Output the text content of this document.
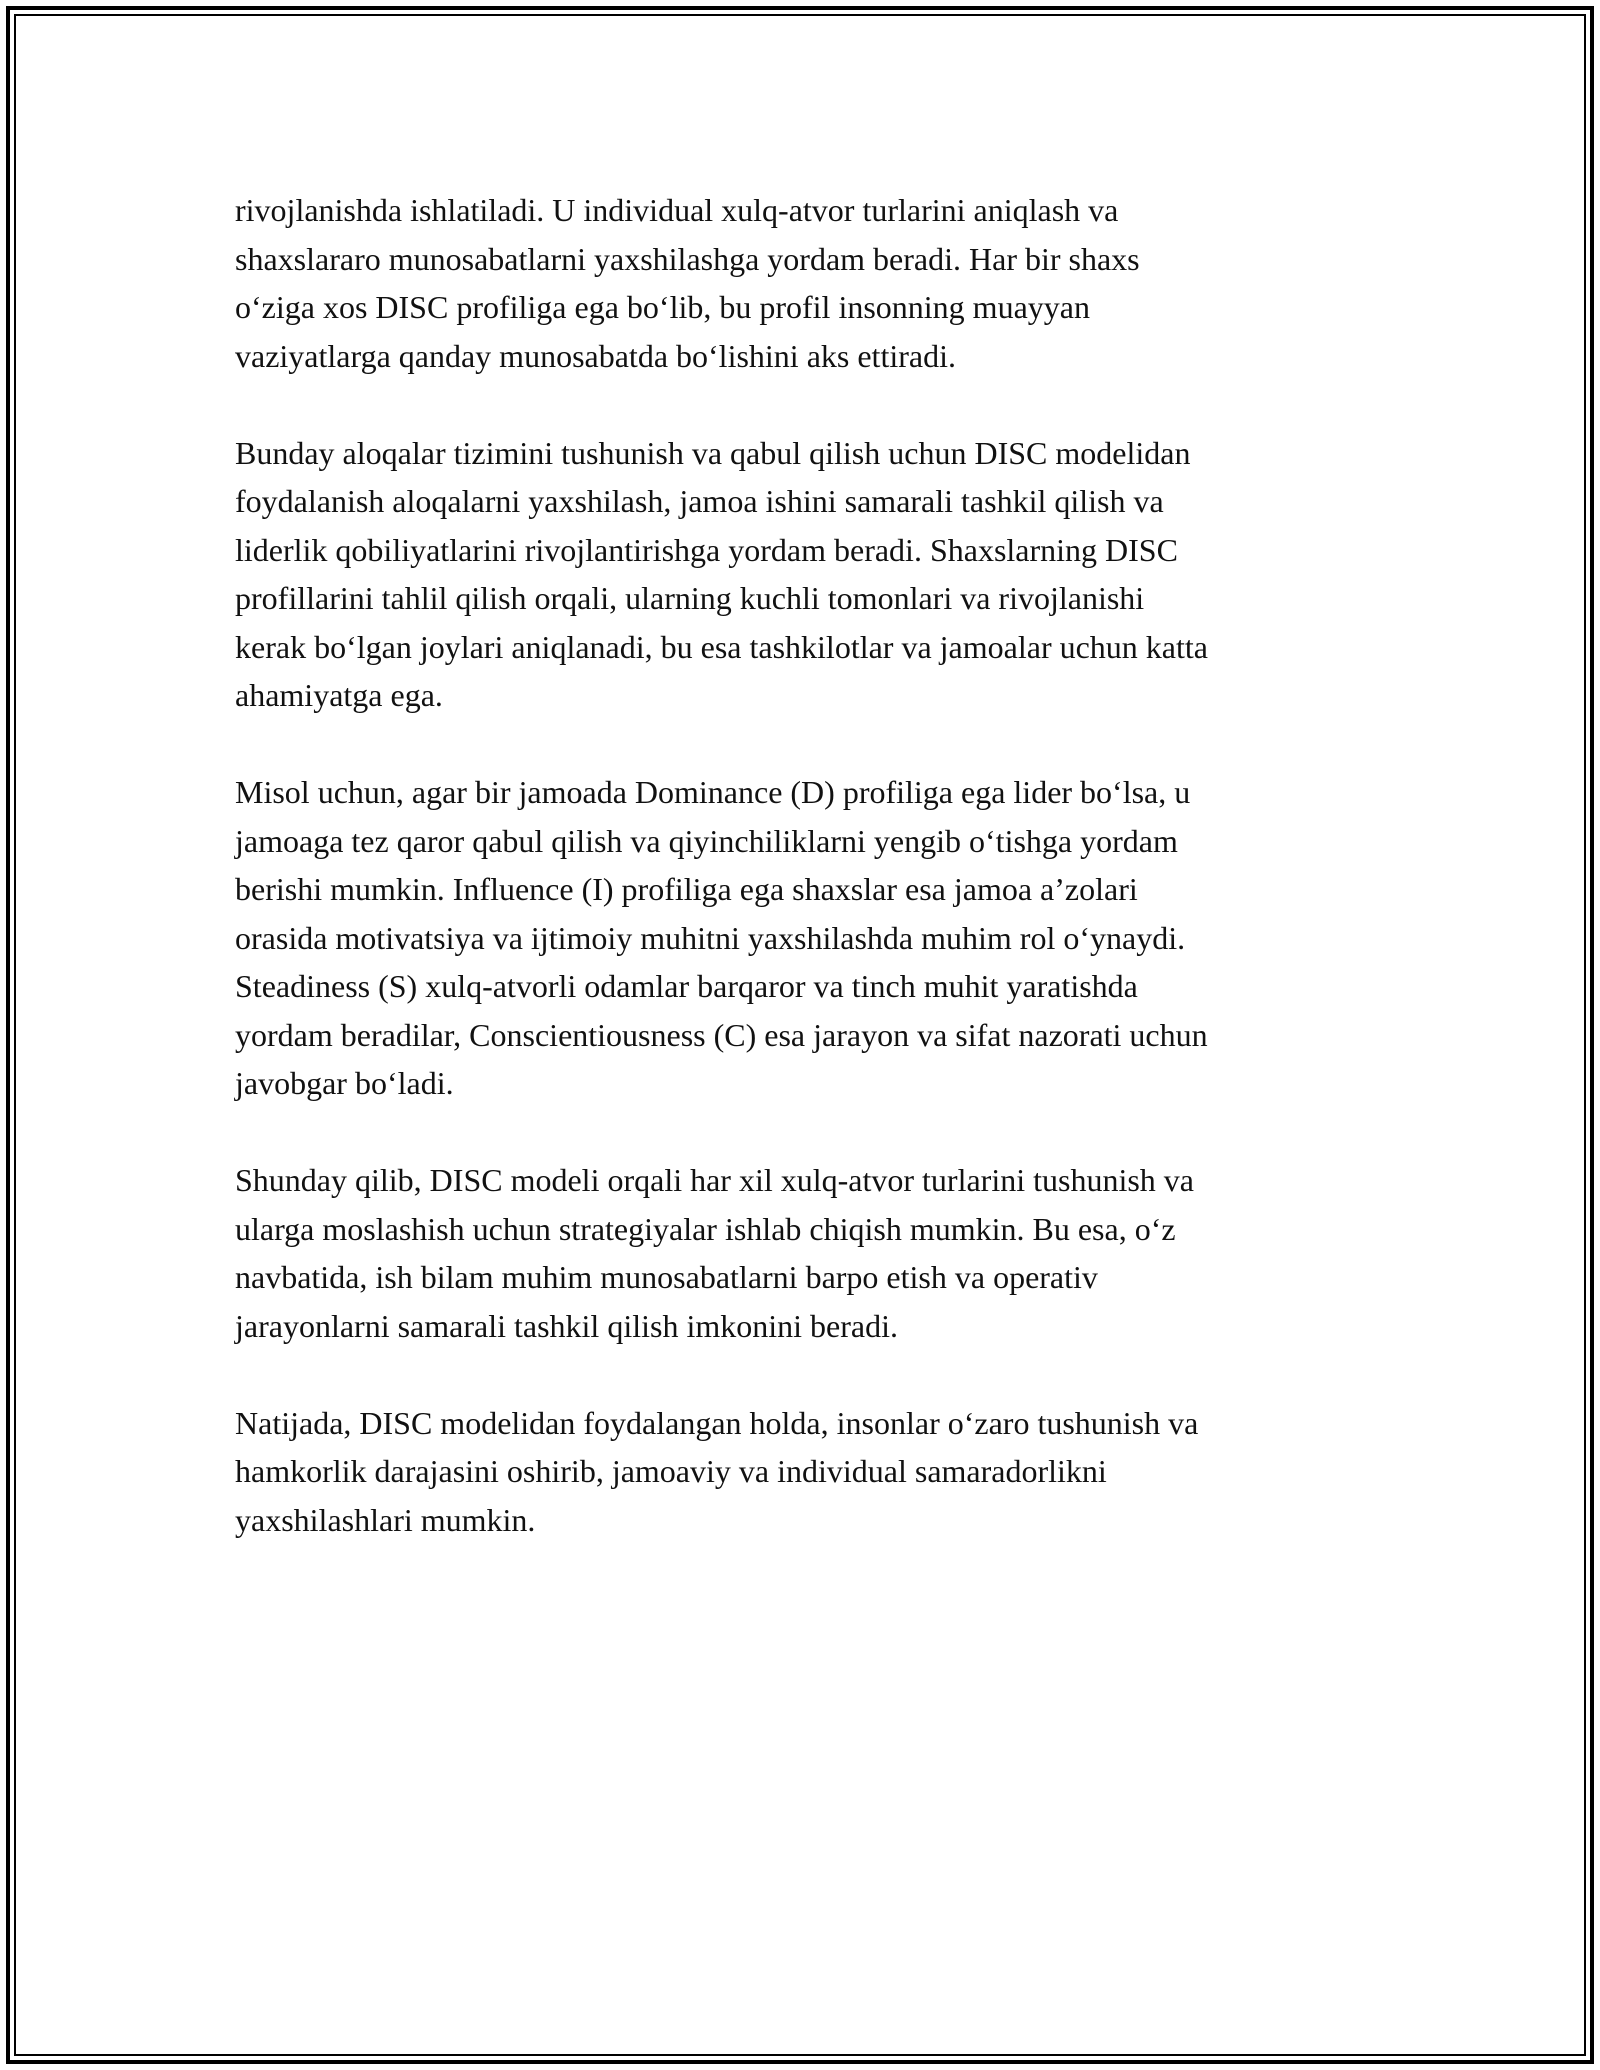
rivojlanishda ishlatiladi. U individual xulq-atvor turlarini aniqlash va
shaxslararo munosabatlarni yaxshilashga yordam beradi. Har bir shaxs
o‘ziga xos DISC profiliga ega bo‘lib, bu profil insonning muayyan
vaziyatlarga qanday munosabatda bo‘lishini aks ettiradi.

Bunday aloqalar tizimini tushunish va qabul qilish uchun DISC modelidan
foydalanish aloqalarni yaxshilash, jamoa ishini samarali tashkil qilish va
liderlik qobiliyatlarini rivojlantirishga yordam beradi. Shaxslarning DISC
profillarini tahlil qilish orqali, ularning kuchli tomonlari va rivojlanishi
kerak bo‘lgan joylari aniqlanadi, bu esa tashkilotlar va jamoalar uchun katta
ahamiyatga ega.

Misol uchun, agar bir jamoada Dominance (D) profiliga ega lider bo‘lsa, u
jamoaga tez qaror qabul qilish va qiyinchiliklarni yengib o‘tishga yordam
berishi mumkin. Influence (I) profiliga ega shaxslar esa jamoa a’zolari
orasida motivatsiya va ijtimoiy muhitni yaxshilashda muhim rol o‘ynaydi.
Steadiness (S) xulq-atvorli odamlar barqaror va tinch muhit yaratishda
yordam beradilar, Conscientiousness (C) esa jarayon va sifat nazorati uchun
javobgar bo‘ladi.

Shunday qilib, DISC modeli orqali har xil xulq-atvor turlarini tushunish va
ularga moslashish uchun strategiyalar ishlab chiqish mumkin. Bu esa, o‘z
navbatida, ish bilam muhim munosabatlarni barpo etish va operativ
jarayonlarni samarali tashkil qilish imkonini beradi.

Natijada, DISC modelidan foydalangan holda, insonlar o‘zaro tushunish va
hamkorlik darajasini oshirib, jamoaviy va individual samaradorlikni
yaxshilashlari mumkin.
